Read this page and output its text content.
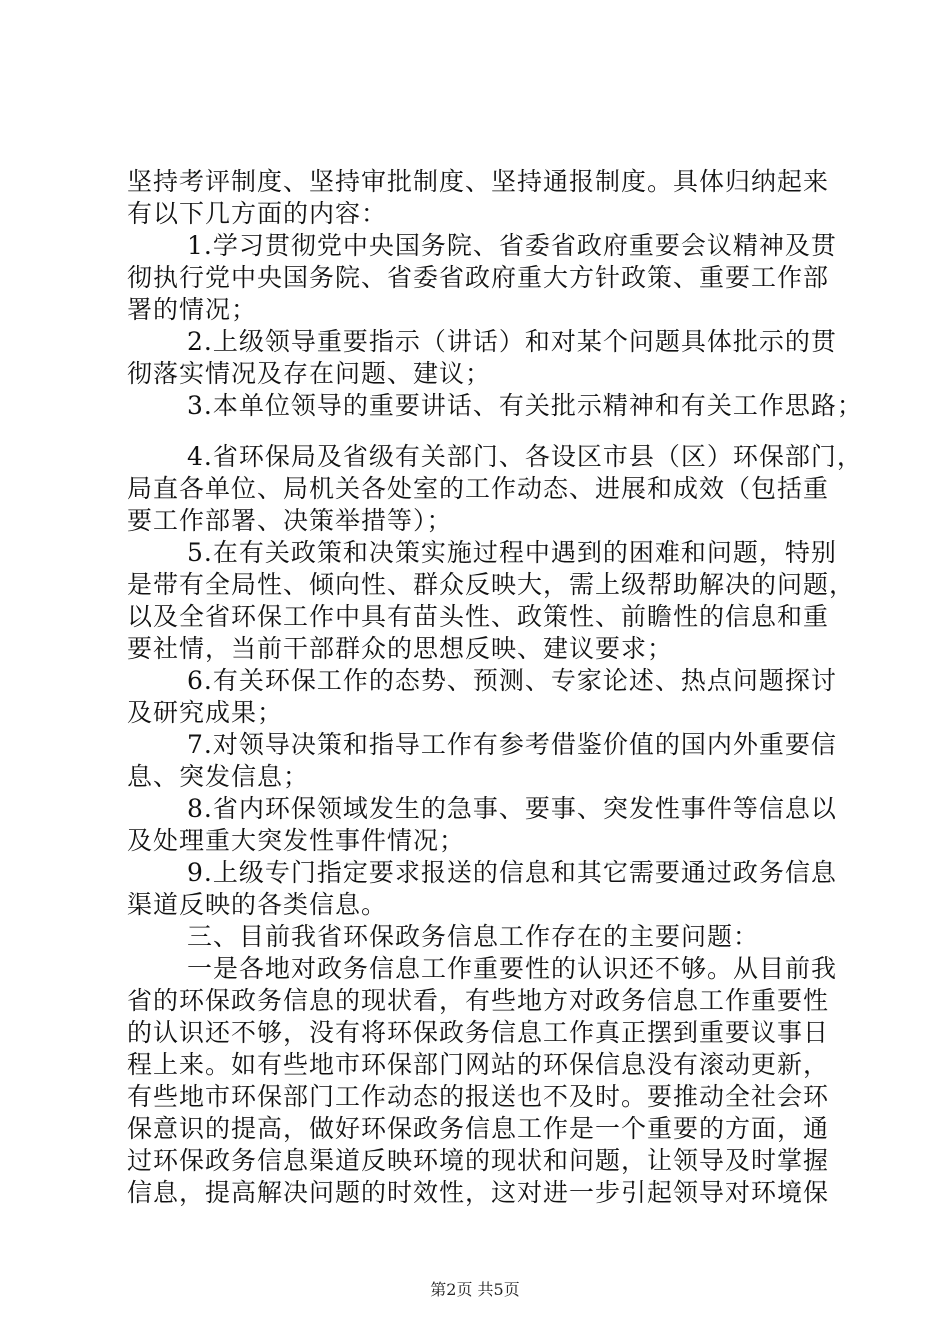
坚持考评制度、坚持审批制度、坚持通报制度。具体归纳起来

有以下几方面的内容：

1.学习贯彻党中央国务院、省委省政府重要会议精神及贯

彻执行党中央国务院、省委省政府重大方针政策、重要工作部

署的情况；

2.上级领导重要指示（讲话）和对某个问题具体批示的贯

彻落实情况及存在问题、建议；

3.本单位领导的重要讲话、有关批示精神和有关工作思路；

4.省环保局及省级有关部门、各设区市县（区）环保部门，

局直各单位、局机关各处室的工作动态、进展和成效（包括重

要工作部署、决策举措等）；

5.在有关政策和决策实施过程中遇到的困难和问题，特别

是带有全局性、倾向性、群众反映大，需上级帮助解决的问题，

以及全省环保工作中具有苗头性、政策性、前瞻性的信息和重

要社情，当前干部群众的思想反映、建议要求；

6.有关环保工作的态势、预测、专家论述、热点问题探讨

及研究成果；

7.对领导决策和指导工作有参考借鉴价值的国内外重要信

息、突发信息；

8.省内环保领域发生的急事、要事、突发性事件等信息以

及处理重大突发性事件情况；

9.上级专门指定要求报送的信息和其它需要通过政务信息

渠道反映的各类信息。

三、目前我省环保政务信息工作存在的主要问题：

一是各地对政务信息工作重要性的认识还不够。从目前我

省的环保政务信息的现状看，有些地方对政务信息工作重要性

的认识还不够，没有将环保政务信息工作真正摆到重要议事日

程上来。如有些地市环保部门网站的环保信息没有滚动更新，

有些地市环保部门工作动态的报送也不及时。要推动全社会环

保意识的提高，做好环保政务信息工作是一个重要的方面，通

过环保政务信息渠道反映环境的现状和问题，让领导及时掌握

信息，提高解决问题的时效性，这对进一步引起领导对环境保

第2页 共5页
